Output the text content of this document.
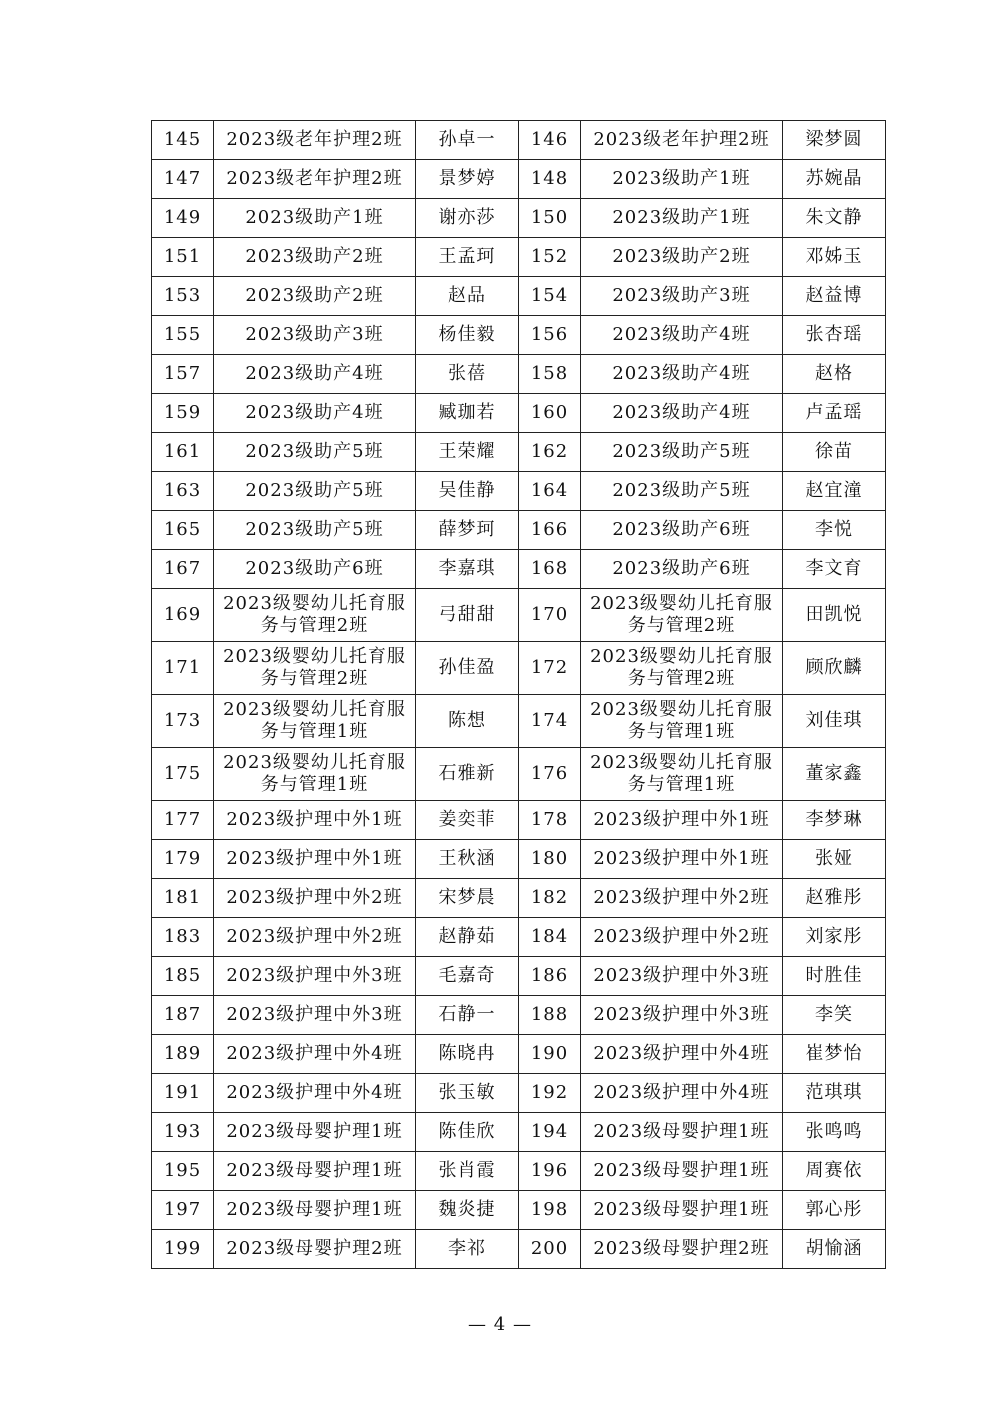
145	2023级老年护理2班	孙卓一	146	2023级老年护理2班	梁梦圆
147	2023级老年护理2班	景梦婷	148	2023级助产1班	苏婉晶
149	2023级助产1班	谢亦莎	150	2023级助产1班	朱文静
151	2023级助产2班	王孟珂	152	2023级助产2班	邓姊玉
153	2023级助产2班	赵品	154	2023级助产3班	赵益博
155	2023级助产3班	杨佳毅	156	2023级助产4班	张杏瑶
157	2023级助产4班	张蓓	158	2023级助产4班	赵格
159	2023级助产4班	臧珈若	160	2023级助产4班	卢孟瑶
161	2023级助产5班	王荣耀	162	2023级助产5班	徐苗
163	2023级助产5班	吴佳静	164	2023级助产5班	赵宜潼
165	2023级助产5班	薛梦珂	166	2023级助产6班	李悦
167	2023级助产6班	李嘉琪	168	2023级助产6班	李文育
169	2023级婴幼儿托育服务与管理2班	弓甜甜	170	2023级婴幼儿托育服务与管理2班	田凯悦
171	2023级婴幼儿托育服务与管理2班	孙佳盈	172	2023级婴幼儿托育服务与管理2班	顾欣麟
173	2023级婴幼儿托育服务与管理1班	陈想	174	2023级婴幼儿托育服务与管理1班	刘佳琪
175	2023级婴幼儿托育服务与管理1班	石雅新	176	2023级婴幼儿托育服务与管理1班	董家鑫
177	2023级护理中外1班	姜奕菲	178	2023级护理中外1班	李梦琳
179	2023级护理中外1班	王秋涵	180	2023级护理中外1班	张娅
181	2023级护理中外2班	宋梦晨	182	2023级护理中外2班	赵雅彤
183	2023级护理中外2班	赵静茹	184	2023级护理中外2班	刘家彤
185	2023级护理中外3班	毛嘉奇	186	2023级护理中外3班	时胜佳
187	2023级护理中外3班	石静一	188	2023级护理中外3班	李笑
189	2023级护理中外4班	陈晓冉	190	2023级护理中外4班	崔梦怡
191	2023级护理中外4班	张玉敏	192	2023级护理中外4班	范琪琪
193	2023级母婴护理1班	陈佳欣	194	2023级母婴护理1班	张鸣鸣
195	2023级母婴护理1班	张肖霞	196	2023级母婴护理1班	周赛依
197	2023级母婴护理1班	魏炎捷	198	2023级母婴护理1班	郭心彤
199	2023级母婴护理2班	李祁	200	2023级母婴护理2班	胡愉涵
— 4 —
